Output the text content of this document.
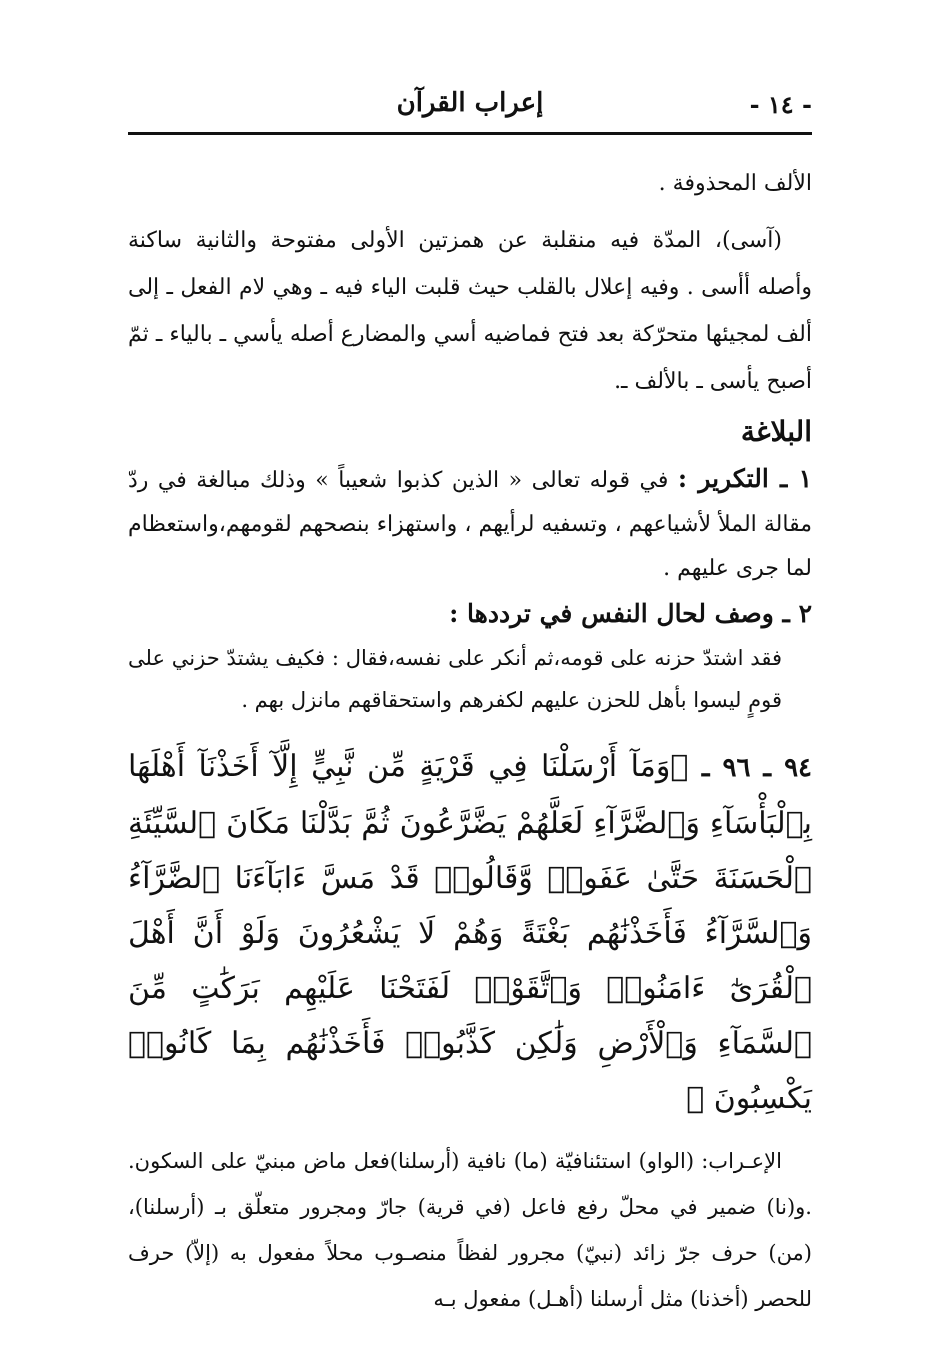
إعراب القرآن	- ١٤ -

الألف المحذوفة .

(آسى)، المدّة فيه منقلبة عن همزتين الأولى مفتوحة والثانية ساكنة وأصله أأسى . وفيه إعلال بالقلب حيث قلبت الياء فيه ـ وهي لام الفعل ـ إلى ألف لمجيئها متحرّكة بعد فتح فماضيه أسي والمضارع أصله يأسي ـ بالياء ـ ثمّ أصبح يأسى ـ بالألف ـ.

البلاغة

١ ـ التكرير : في قوله تعالى « الذين كذبوا شعيباً » وذلك مبالغة في ردّ مقالة الملأ لأشياعهم ، وتسفيه لرأيهم ، واستهزاء بنصحهم لقومهم،واستعظام لما جرى عليهم .

٢ ـ وصف لحال النفس في ترددها :

فقد اشتدّ حزنه على قومه،ثم أنكر على نفسه،فقال : فكيف يشتدّ حزني على قومٍ ليسوا بأهل للحزن عليهم لكفرهم واستحقاقهم مانزل بهم .

٩٤ ـ ٩٦ ـ ﴿وَمَآ أَرْسَلْنَا فِي قَرْيَةٍ مِّن نَّبِيٍّ إِلَّآ أَخَذْنَآ أَهْلَهَا بِٱلْبَأْسَآءِ وَٱلضَّرَّآءِ لَعَلَّهُمْ يَضَّرَّعُونَ ثُمَّ بَدَّلْنَا مَكَانَ ٱلسَّيِّئَةِ ٱلْحَسَنَةَ حَتَّىٰ عَفَوا۟ وَّقَالُوا۟ قَدْ مَسَّ ءَابَآءَنَا ٱلضَّرَّآءُ وَٱلسَّرَّآءُ فَأَخَذْنَٰهُم بَغْتَةً وَهُمْ لَا يَشْعُرُونَ وَلَوْ أَنَّ أَهْلَ ٱلْقُرَىٰٓ ءَامَنُوا۟ وَٱتَّقَوْا۟ لَفَتَحْنَا عَلَيْهِم بَرَكَٰتٍ مِّنَ ٱلسَّمَآءِ وَٱلْأَرْضِ وَلَٰكِن كَذَّبُوا۟ فَأَخَذْنَٰهُم بِمَا كَانُوا۟ يَكْسِبُونَ ﴾

الإعـراب: (الواو) استئنافيّة (ما) نافية (أرسلنا)فعل ماض مبنيّ على السكون. .و(نا) ضمير في محلّ رفع فاعل (في قرية) جارّ ومجرور متعلّق بـ (أرسلنا)، (من) حرف جرّ زائد (نبيّ) مجرور لفظاً منصـوب محلاً مفعول به (إلاّ) حرف للحصر (أخذنا) مثل أرسلنا (أهـل) مفعول بـه
